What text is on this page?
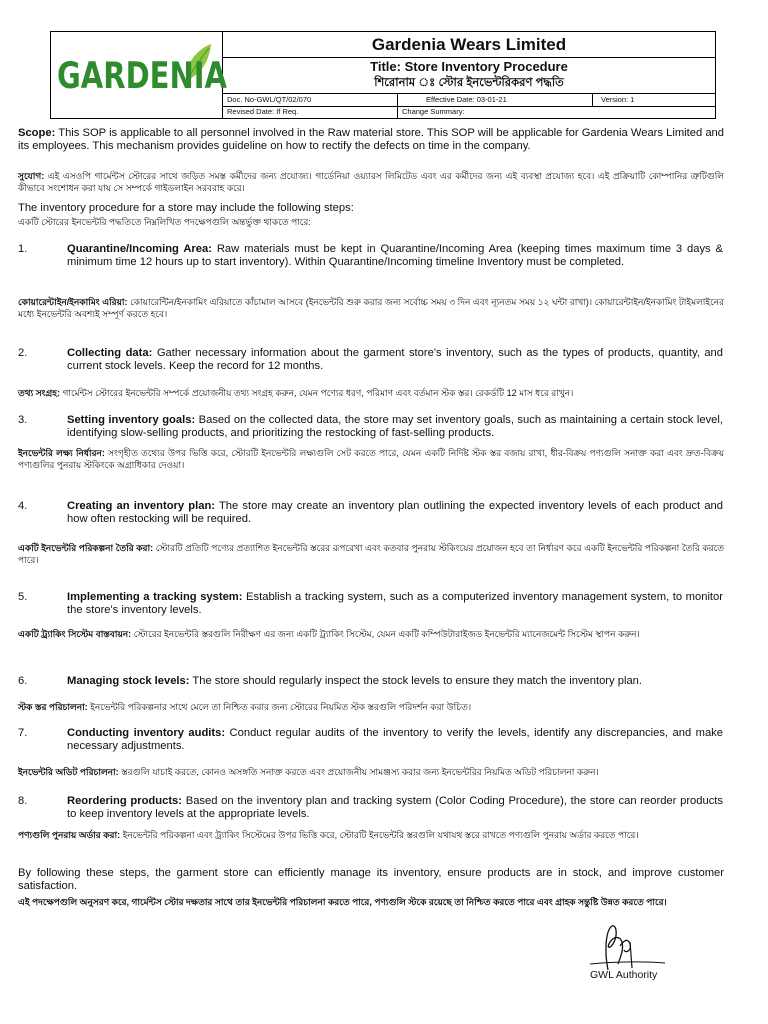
GARDENIA
Gardenia Wears Limited
Title: Store Inventory Procedure
শিরোনাম ঃ স্টোর ইনভেন্টরিকরণ পদ্ধতি
Doc. No-GWL/QT/02/070	Effective Date: 03-01-21	Version: 1
Revised Date: If Req.	Change Summary:
Scope: This SOP is applicable to all personnel involved in the Raw material store. This SOP will be applicable for Gardenia Wears Limited and its employees. This mechanism provides guideline on how to rectify the defects on time in the company.
সুযোগ: এই এসওপি গার্মেন্টস স্টোরের সাথে জড়িত সমস্ত কর্মীদের জন্য প্রযোজ্য। গার্ডেনিয়া ওয়্যারস লিমিটেড এবং এর কর্মীদের জন্য এই ব্যবস্থা প্রযোজ্য হবে। এই প্রক্রিয়াটি কোম্পানির ত্রুটিগুলি কীভাবে সংশোধন করা যায় সে সম্পর্কে গাইডলাইন সরবরাহ করে।
The inventory procedure for a store may include the following steps:
একটি স্টোরের ইনভেন্টরি পদ্ধতিতে নিম্নলিখিত পদক্ষেপগুলি অন্তর্ভুক্ত থাকতে পারে:
1.	Quarantine/Incoming Area: Raw materials must be kept in Quarantine/Incoming Area (keeping times maximum time 3 days & minimum time 12 hours up to start inventory). Within Quarantine/Incoming timeline Inventory must be completed.
কোয়ারেন্টাইন/ইনকামিং এরিয়া: কোয়ারেন্টিন/ইনকামিং এরিয়াতে কাঁচামাল আসবে (ইনভেন্টরি শুরু করার জন্য সর্বোচ্চ সময় ৩ দিন এবং ন্যূনতম সময় ১২ ঘন্টা রাখা)। কোয়ারেন্টাইন/ইনকামিং টাইমলাইনের মধ্যে ইনভেন্টরি অবশ্যই সম্পূর্ণ করতে হবে।
2.	Collecting data: Gather necessary information about the garment store's inventory, such as the types of products, quantity, and current stock levels. Keep the record for 12 months.
তথ্য সংগ্রহ: গার্মেন্টস স্টোরের ইনভেন্টরি সম্পর্কে প্রয়োজনীয় তথ্য সংগ্রহ করুন, যেমন পণ্যের ধরণ, পরিমাণ এবং বর্তমান স্টক স্তর। রেকর্ডটি 12 মাস ধরে রাখুন।
3.	Setting inventory goals: Based on the collected data, the store may set inventory goals, such as maintaining a certain stock level, identifying slow-selling products, and prioritizing the restocking of fast-selling products.
ইনভেন্টরি লক্ষ্য নির্ধারন: সংগৃহীত তথ্যের উপর ভিত্তি করে, স্টোরটি ইনভেন্টরি লক্ষ্যগুলি সেট করতে পারে, যেমন একটি নির্দিষ্ট স্টক স্তর বজায় রাখা, ধীর-বিক্রয় পণ্যগুলি সনাক্ত করা এবং দ্রুত-বিক্রয় পণ্যগুলির পুনরায় স্টকিংকে অগ্রাধিকার দেওয়া।
4.	Creating an inventory plan: The store may create an inventory plan outlining the expected inventory levels of each product and how often restocking will be required.
একটি ইনভেন্টরি পরিকল্পনা তৈরি করা: স্টোরটি প্রতিটি পণ্যের প্রত্যাশিত ইনভেন্টরি স্তরের রূপরেখা এবং কতবার পুনরায় স্টকিংয়ের প্রয়োজন হবে তা নির্ধারণ করে একটি ইনভেন্টরি পরিকল্পনা তৈরি করতে পারে।
5.	Implementing a tracking system: Establish a tracking system, such as a computerized inventory management system, to monitor the store's inventory levels.
একটি ট্র্যাকিং সিস্টেম বাস্তবায়ন: স্টোরের ইনভেন্টরি স্তরগুলি নিরীক্ষণ এর জন্য একটি ট্র্যাকিং সিস্টেম, যেমন একটি কম্পিউটারাইজড ইনভেন্টরি ম্যানেজমেন্ট সিস্টেম স্থাপন করুন।
6.	Managing stock levels: The store should regularly inspect the stock levels to ensure they match the inventory plan.
স্টক স্তর পরিচালনা: ইনভেন্টরি পরিকল্পনার সাথে মেলে তা নিশ্চিত করার জন্য স্টোরের নিয়মিত স্টক স্তরগুলি পরিদর্শন করা উচিত।
7.	Conducting inventory audits: Conduct regular audits of the inventory to verify the levels, identify any discrepancies, and make necessary adjustments.
ইনভেন্টরি অডিট পরিচালনা: স্তরগুলি যাচাই করতে, কোনও অসঙ্গতি সনাক্ত করতে এবং প্রয়োজনীয় সামঞ্জস্য করার জন্য ইনভেন্টরির নিয়মিত অডিট পরিচালনা করুন।
8.	Reordering products: Based on the inventory plan and tracking system (Color Coding Procedure), the store can reorder products to keep inventory levels at the appropriate levels.
পণ্যগুলি পুনরায় অর্ডার করা: ইনভেন্টরি পরিকল্পনা এবং ট্র্যাকিং সিস্টেমের উপর ভিত্তি করে, স্টোরটি ইনভেন্টরি স্তরগুলি যথাযথ স্তরে রাখতে পণ্যগুলি পুনরায় অর্ডার করতে পারে।
By following these steps, the garment store can efficiently manage its inventory, ensure products are in stock, and improve customer satisfaction.
এই পদক্ষেপগুলি অনুসরণ করে, গার্মেন্টস স্টোর দক্ষতার সাথে তার ইনভেন্টরি পরিচালনা করতে পারে, পণ্যগুলি স্টকে রয়েছে তা নিশ্চিত করতে পারে এবং গ্রাহক সন্তুষ্টি উন্নত করতে পারে।
GWL Authority
